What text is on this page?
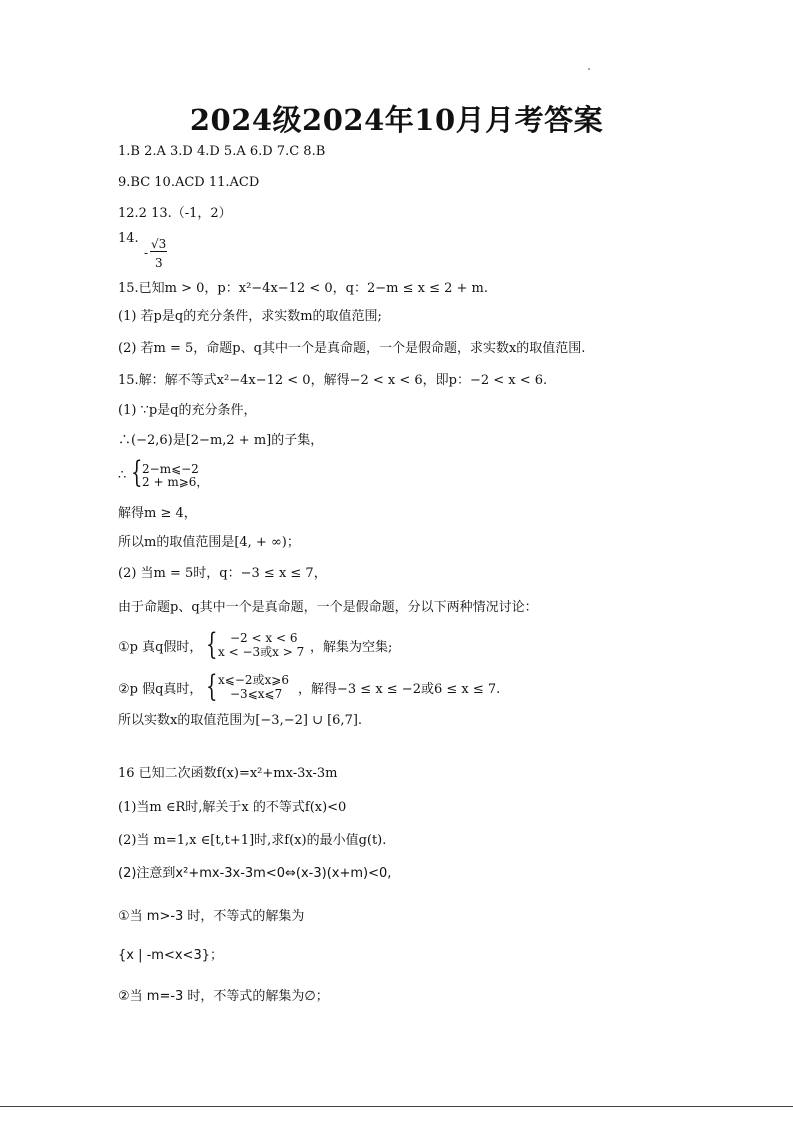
2024级2024年10月月考答案
1.B 2.A 3.D 4.D 5.A 6.D 7.C 8.B
9.BC 10.ACD 11.ACD
12.2 13.（-1，2）
14.
-
√3
3
15.已知m > 0，p：x²−4x−12 < 0，q：2−m ≤ x ≤ 2 + m.
(1) 若p是q的充分条件，求实数m的取值范围;
(2) 若m = 5，命题p、q其中一个是真命题，一个是假命题，求实数x的取值范围.
15.解：解不等式x²−4x−12 < 0，解得−2 < x < 6，即p：−2 < x < 6.
(1) ∵p是q的充分条件，
∴(−2,6)是[2−m,2 + m]的子集，
∴ { 2−m⩽−2
2 + m⩾6，
解得m ≥ 4，
所以m的取值范围是[4, + ∞)；
(2) 当m = 5时，q：−3 ≤ x ≤ 7，
由于命题p、q其中一个是真命题，一个是假命题，分以下两种情况讨论：
①p 真q假时， { −2 < x < 6
x < −3或x > 7 ，解集为空集;
②p 假q真时， { x⩽−2或x⩾6
−3⩽x⩽7 ，解得−3 ≤ x ≤ −2或6 ≤ x ≤ 7.
所以实数x的取值范围为[−3,−2] ∪ [6,7].
16 已知二次函数f(x)=x²+mx-3x-3m
(1)当m ∈R时,解关于x 的不等式f(x)<0
(2)当 m=1,x ∈[t,t+1]时,求f(x)的最小值g(t).
(2)注意到x²+mx-3x-3m<0⇔(x-3)(x+m)<0,
①当 m>-3 时，不等式的解集为
{x | -m<x<3}；
②当 m=-3 时，不等式的解集为∅；
